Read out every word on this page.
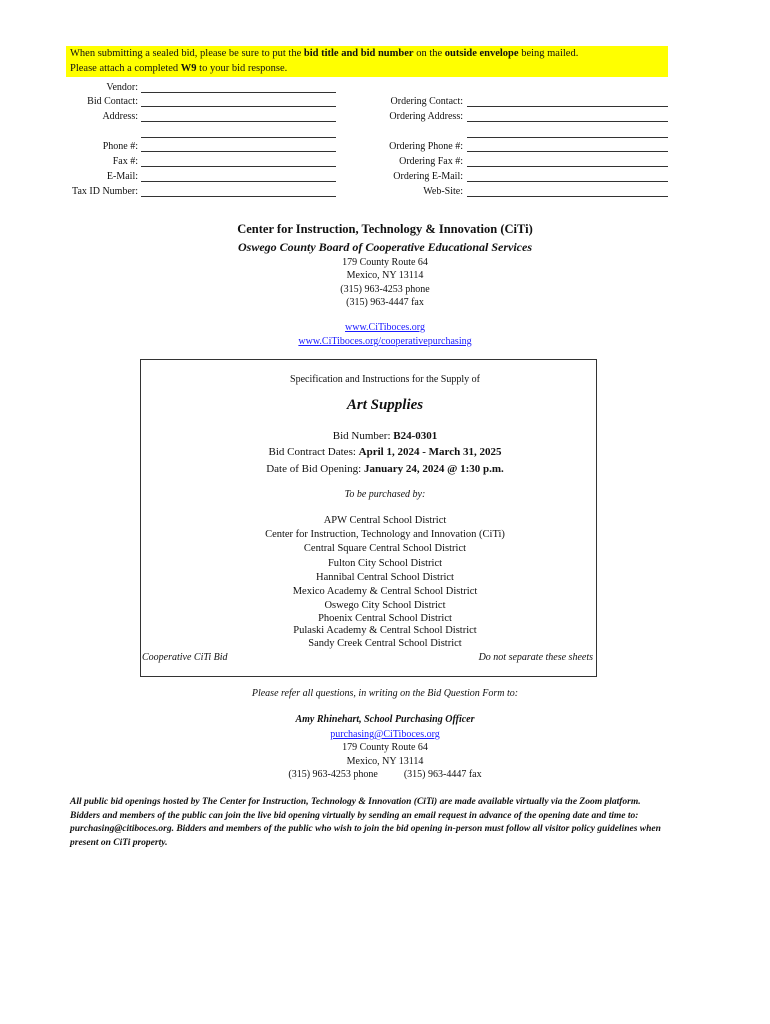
When submitting a sealed bid, please be sure to put the bid title and bid number on the outside envelope being mailed.
Please attach a completed W9 to your bid response.
Vendor:
Bid Contact:
Address:
Phone #:
Fax #:
E-Mail:
Tax ID Number:
Ordering Contact:
Ordering Address:
Ordering Phone #:
Ordering Fax #:
Ordering E-Mail:
Web-Site:
Center for Instruction, Technology & Innovation (CiTi)
Oswego County Board of Cooperative Educational Services
179 County Route 64
Mexico, NY 13114
(315) 963-4253 phone
(315) 963-4447 fax
www.CiTiboces.org
www.CiTiboces.org/cooperativepurchasing
Specification and Instructions for the Supply of
Art Supplies
Bid Number: B24-0301
Bid Contract Dates: April 1, 2024 - March 31, 2025
Date of Bid Opening: January 24, 2024 @ 1:30 p.m.
To be purchased by:
APW Central School District
Center for Instruction, Technology and Innovation (CiTi)
Central Square Central School District
Fulton City School District
Hannibal Central School District
Mexico Academy & Central School District
Oswego City School District
Phoenix Central School District
Pulaski Academy & Central School District
Sandy Creek Central School District
Cooperative CiTi Bid	Do not separate these sheets
Please refer all questions, in writing on the Bid Question Form to:
Amy Rhinehart, School Purchasing Officer
purchasing@CiTiboces.org
179 County Route 64
Mexico, NY 13114
(315) 963-4253 phone	(315) 963-4447 fax
All public bid openings hosted by The Center for Instruction, Technology & Innovation (CiTi) are made available virtually via the Zoom platform. Bidders and members of the public can join the live bid opening virtually by sending an email request in advance of the opening date and time to: purchasing@citiboces.org. Bidders and members of the public who wish to join the bid opening in-person must follow all visitor policy guidelines when present on CiTi property.
